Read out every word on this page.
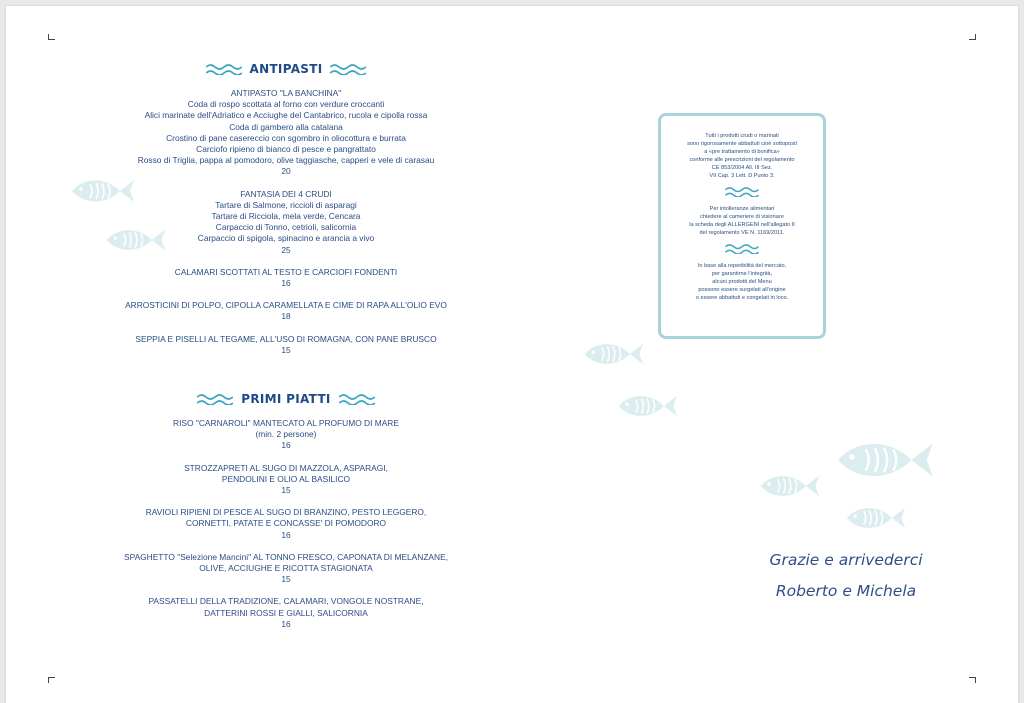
ANTIPASTI
ANTIPASTO "LA BANCHINA"
Coda di rospo scottata al forno con verdure croccanti
Alici marinate dell'Adriatico e Acciughe del Cantabrico, rucola e cipolla rossa
Coda di gambero alla catalana
Crostino di pane casereccio con sgombro in oliocottura e burrata
Carciofo ripieno di bianco di pesce e pangrattato
Rosso di Triglia, pappa al pomodoro, olive taggiasche, capperi e vele di carasau
20
FANTASIA DEI 4 CRUDI
Tartare di Salmone, riccioli di asparagi
Tartare di Ricciola, mela verde, Cencara
Carpaccio di Tonno, cetrioli, salicornia
Carpaccio di spigola, spinacino e arancia a vivo
25
CALAMARI SCOTTATI AL TESTO E CARCIOFI FONDENTI
16
ARROSTICINI DI POLPO, CIPOLLA CARAMELLATA E CIME DI RAPA ALL'OLIO EVO
18
SEPPIA E PISELLI AL TEGAME, ALL'USO DI ROMAGNA, CON PANE BRUSCO
15
PRIMI PIATTI
RISO "CARNAROLI" MANTECATO AL PROFUMO DI MARE
(min. 2 persone)
16
STROZZAPRETI AL SUGO DI MAZZOLA, ASPARAGI,
PENDOLINI E OLIO AL BASILICO
15
RAVIOLI RIPIENI DI PESCE AL SUGO DI BRANZINO, PESTO LEGGERO,
CORNETTI, PATATE E CONCASSE' DI POMODORO
16
SPAGHETTO "Selezione Mancini" AL TONNO FRESCO, CAPONATA DI MELANZANE,
OLIVE, ACCIUGHE E RICOTTA STAGIONATA
15
PASSATELLI DELLA TRADIZIONE, CALAMARI, VONGOLE NOSTRANE,
DATTERINI ROSSI E GIALLI, SALICORNIA
16
Tutti i prodotti crudi o marinati
sono rigorosamente abbattuti cioè sottoposti
a «pre trattamento di bonifica»
conforme alle prescrizioni del regolamento
CE 853/2004 All. III Sez.
VII Cap. 3 Lett. D Punto 3.
Per intolleranze alimentari
chiedere al cameriere di visionare
la scheda degli ALLERGENI nell'allegato II
del regolamento VE N. 1169/2011.
In base alla reperibilità del mercato,
per garantirne l'integrità,
alcuni prodotti del Menu
possono essere surgelati all'origine
o essere abbattuti e congelati in loco.
Grazie e arrivederci
Roberto e Michela
